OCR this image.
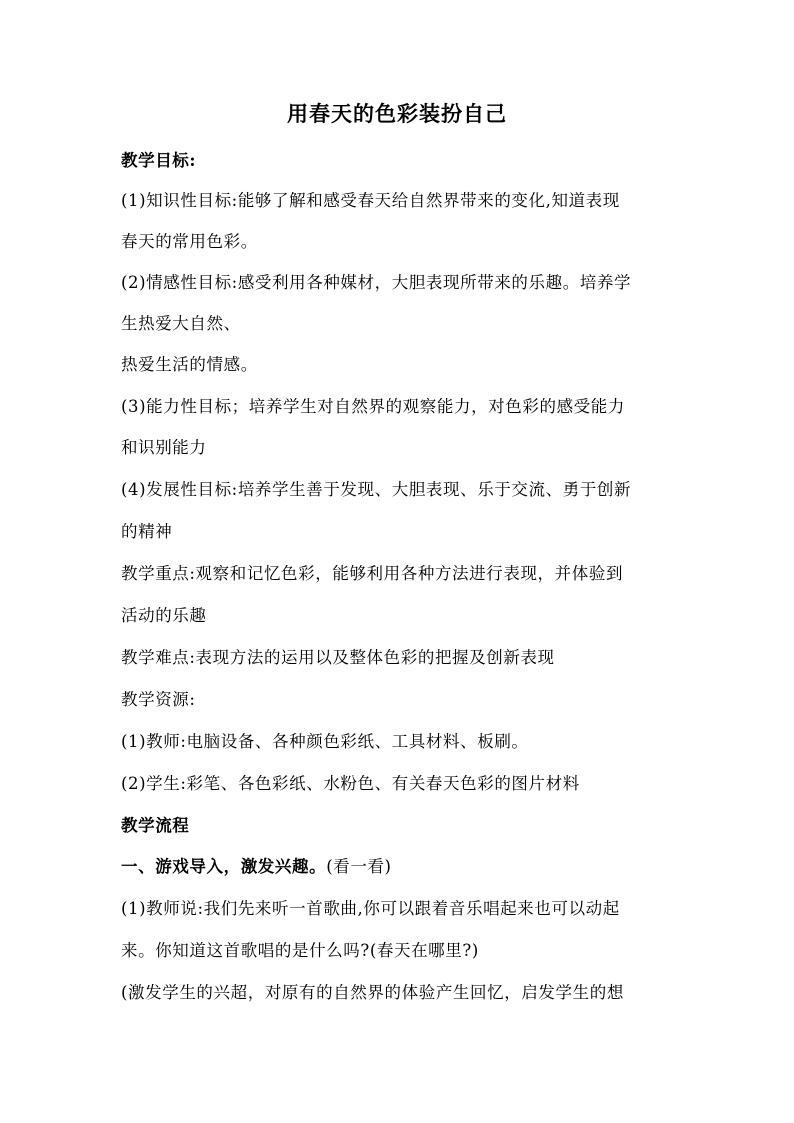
用春天的色彩装扮自己
教学目标:
(1)知识性目标:能够了解和感受春天给自然界带来的变化,知道表现
春天的常用色彩。
(2)情感性目标:感受利用各种媒材，大胆表现所带来的乐趣。培养学
生热爱大自然、
热爱生活的情感。
(3)能力性目标；培养学生对自然界的观察能力，对色彩的感受能力
和识别能力
(4)发展性目标:培养学生善于发现、大胆表现、乐于交流、勇于创新
的精神
教学重点:观察和记忆色彩，能够利用各种方法进行表现，并体验到
活动的乐趣
教学难点:表现方法的运用以及整体色彩的把握及创新表现
教学资源:
(1)教师:电脑设备、各种颜色彩纸、工具材料、板刷。
(2)学生:彩笔、各色彩纸、水粉色、有关春天色彩的图片材料
教学流程
一、游戏导入，激发兴趣。(看一看)
(1)教师说:我们先来听一首歌曲,你可以跟着音乐唱起来也可以动起
来。你知道这首歌唱的是什么吗?(春天在哪里?)
(激发学生的兴超，对原有的自然界的体验产生回忆，启发学生的想
